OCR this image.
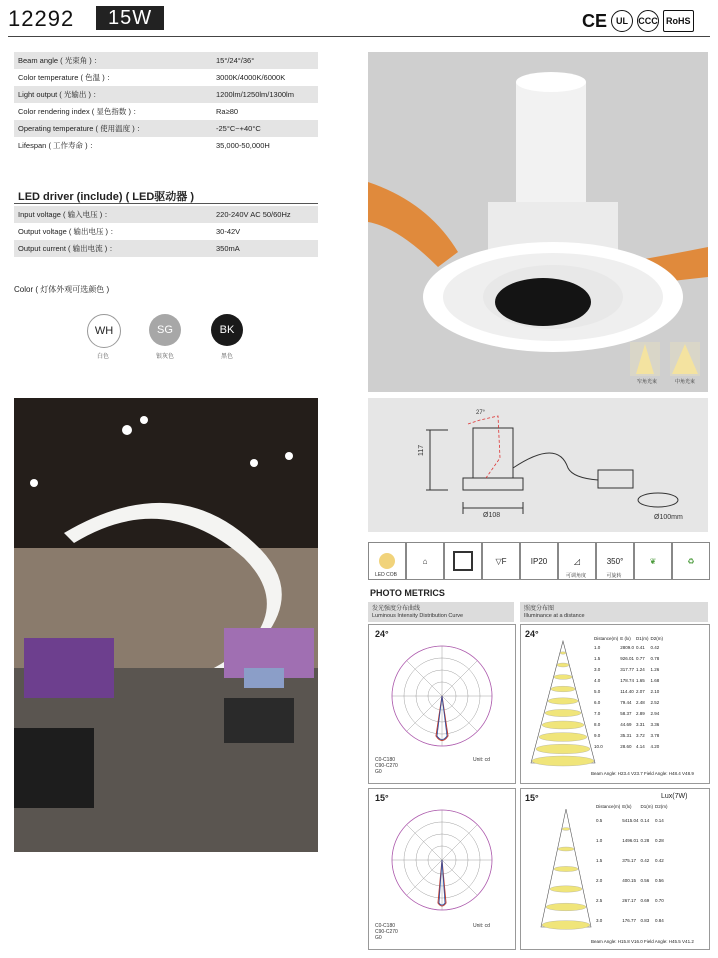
12292	15W	CE	UL	CCC RoHS
Beam angle ( 光束角 ) ：	15°/24°/36°
Color temperature ( 色温 ) ：	3000K/4000K/6000K
Light output ( 光输出 ) ：	1200lm/1250lm/1300lm
Color rendering index ( 显色指数 ) ：	Ra≥80
Operating temperature ( 使用温度 ) ：	-25°C~+40°C
Lifespan ( 工作寿命 ) ：	35,000-50,000H
LED driver (include) ( LED驱动器 )
Input voltage ( 输入电压 ) ：	220-240V AC 50/60Hz
Output voltage ( 输出电压 ) ：	30-42V
Output current ( 输出电流 ) ：	350mA
Color ( 灯体外观可选颜色 )
WH
白色
SG
银灰色
BK
黑色
窄角光束	中角光束
27°
117
Ø108	Ø100mm
LED COB
⌂	▽F	IP20	◿
可调角度
350°
可旋转
❦	♻
PHOTO METRICS
发光强度分布曲线
Luminous Intensity Distribution Curve
照度分布图
Illuminance at a distance
24°
C0-C180
C90-C270
G0
Unit: cd
24°	Distance(m)	E (lx)	D1(m)	D2(m)
1.0	2809.0	0.41	0.42
1.5	926.01	0.77	0.78
3.0	317.77	1.24	1.26
4.0	178.74	1.65	1.68
5.0	114.40	2.07	2.10
6.0	79.44	2.48	2.52
7.0	58.37	2.89	2.94
8.0	44.69	3.31	3.36
9.0	35.31	3.72	3.78
10.0	28.60	4.14	4.20
Beam Angle: H23.4 V23.7 Field Angle: H48.4 V48.9
15°
C0-C180
C90-C270
G0
Unit: cd
15°	Lux(7W)
Distance(m)	E(lx)	D1(m)	D2(m)
0.5	5415.04	0.14	0.14
1.0	1496.01	0.28	0.28
1.5	375.17	0.42	0.42
2.0	400.15	0.56	0.56
2.5	267.17	0.69	0.70
3.0	176.77	0.83	0.84
Beam Angle: H15.8 V16.0 Field Angle: H45.5 V41.2
